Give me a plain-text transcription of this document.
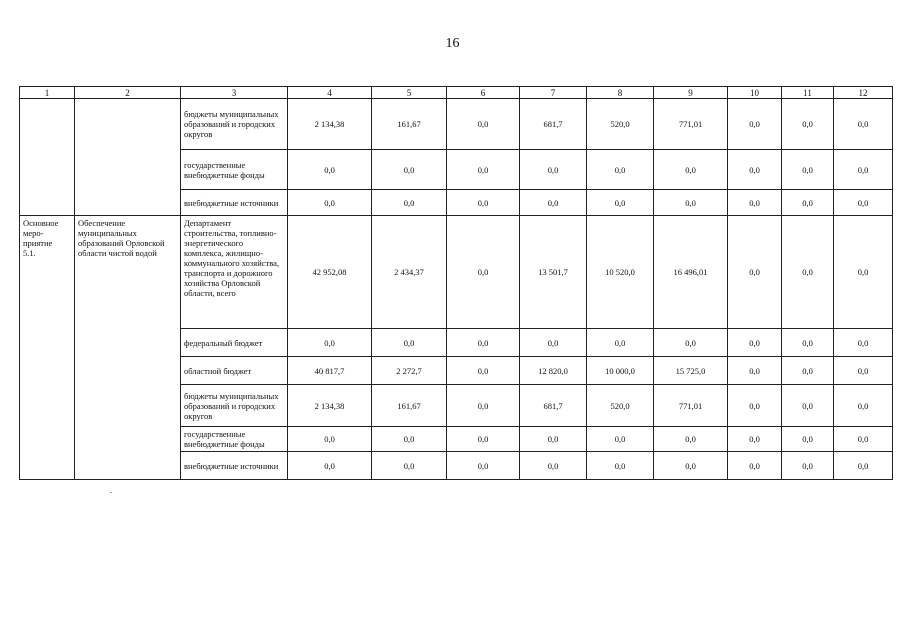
16
1	2	3	4	5	6	7	8	9	10	11	12
		бюджеты муниципальных образований и городских округов	2 134,38	161,67	0,0	681,7	520,0	771,01	0,0	0,0	0,0
		государственные внебюджетные фонды	0,0	0,0	0,0	0,0	0,0	0,0	0,0	0,0	0,0
		внебюджетные источники	0,0	0,0	0,0	0,0	0,0	0,0	0,0	0,0	0,0
Основное меро-
приятие
5.1.	Обеспечение муниципальных образований Орловской области чистой водой	Департамент строительства, топливно-энергетического комплекса, жилищно-коммунального хозяйства, транспорта и дорожного хозяйства Орловской области, всего	42 952,08	2 434,37	0,0	13 501,7	10 520,0	16 496,01	0,0	0,0	0,0
		федеральный бюджет	0,0	0,0	0,0	0,0	0,0	0,0	0,0	0,0	0,0
		областной бюджет	40 817,7	2 272,7	0,0	12 820,0	10 000,0	15 725,0	0,0	0,0	0,0
		бюджеты муниципальных образований и городских округов	2 134,38	161,67	0,0	681,7	520,0	771,01	0,0	0,0	0,0
		государственные внебюджетные фонды	0,0	0,0	0,0	0,0	0,0	0,0	0,0	0,0	0,0
		внебюджетные источники	0,0	0,0	0,0	0,0	0,0	0,0	0,0	0,0	0,0
.
